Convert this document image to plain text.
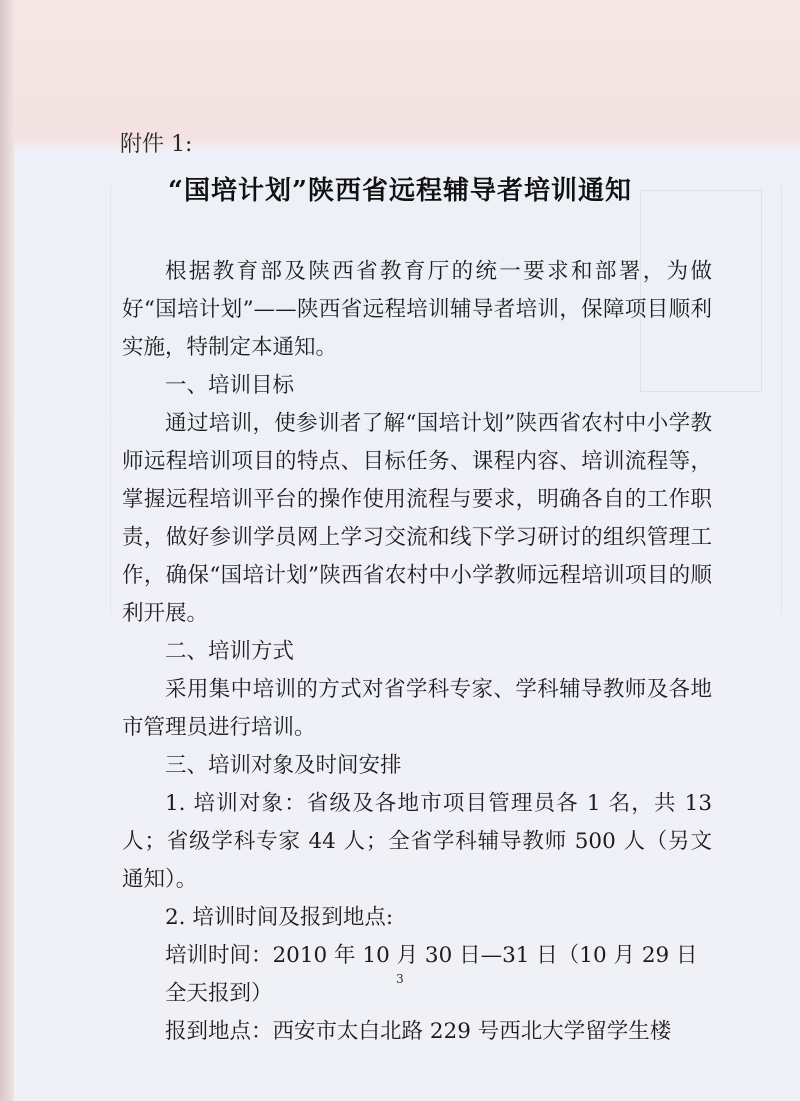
附件 1:
“国培计划”陕西省远程辅导者培训通知

根据教育部及陕西省教育厅的统一要求和部署，为做好“国培计划”——陕西省远程培训辅导者培训，保障项目顺利实施，特制定本通知。

一、培训目标

通过培训，使参训者了解“国培计划”陕西省农村中小学教师远程培训项目的特点、目标任务、课程内容、培训流程等，掌握远程培训平台的操作使用流程与要求，明确各自的工作职责，做好参训学员网上学习交流和线下学习研讨的组织管理工作，确保“国培计划”陕西省农村中小学教师远程培训项目的顺利开展。

二、培训方式

采用集中培训的方式对省学科专家、学科辅导教师及各地市管理员进行培训。

三、培训对象及时间安排

1. 培训对象：省级及各地市项目管理员各 1 名，共 13 人；省级学科专家 44 人；全省学科辅导教师 500 人（另文通知）。

2. 培训时间及报到地点:

培训时间：2010 年 10 月 30 日—31 日（10 月 29 日全天报到）

报到地点：西安市太白北路 229 号西北大学留学生楼

3
